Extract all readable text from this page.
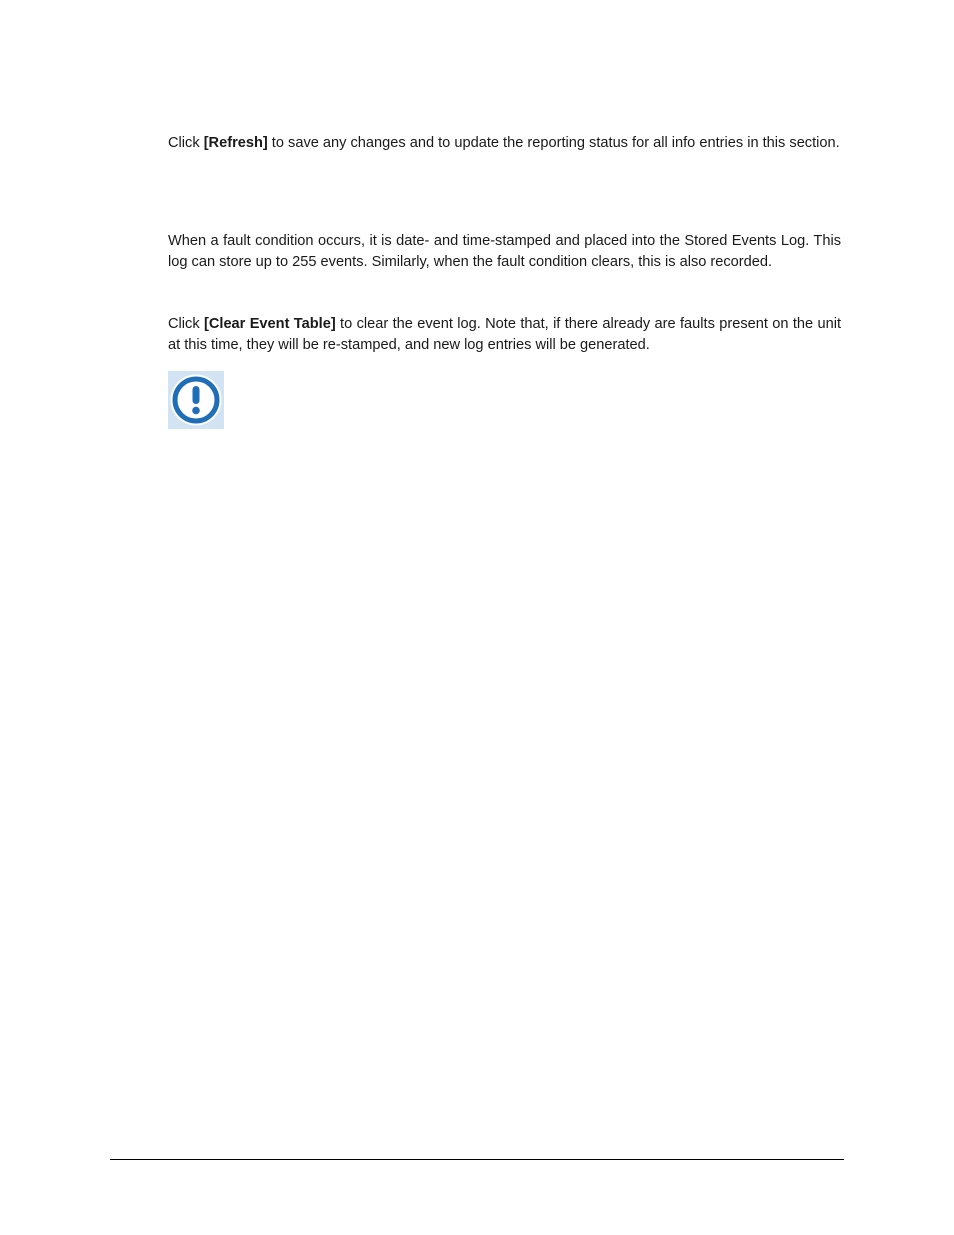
Click [Refresh] to save any changes and to update the reporting status for all info entries in this section.

When a fault condition occurs, it is date- and time-stamped and placed into the Stored Events Log. This log can store up to 255 events. Similarly, when the fault condition clears, this is also recorded.

Click [Clear Event Table] to clear the event log. Note that, if there already are faults present on the unit at this time, they will be re-stamped, and new log entries will be generated.
